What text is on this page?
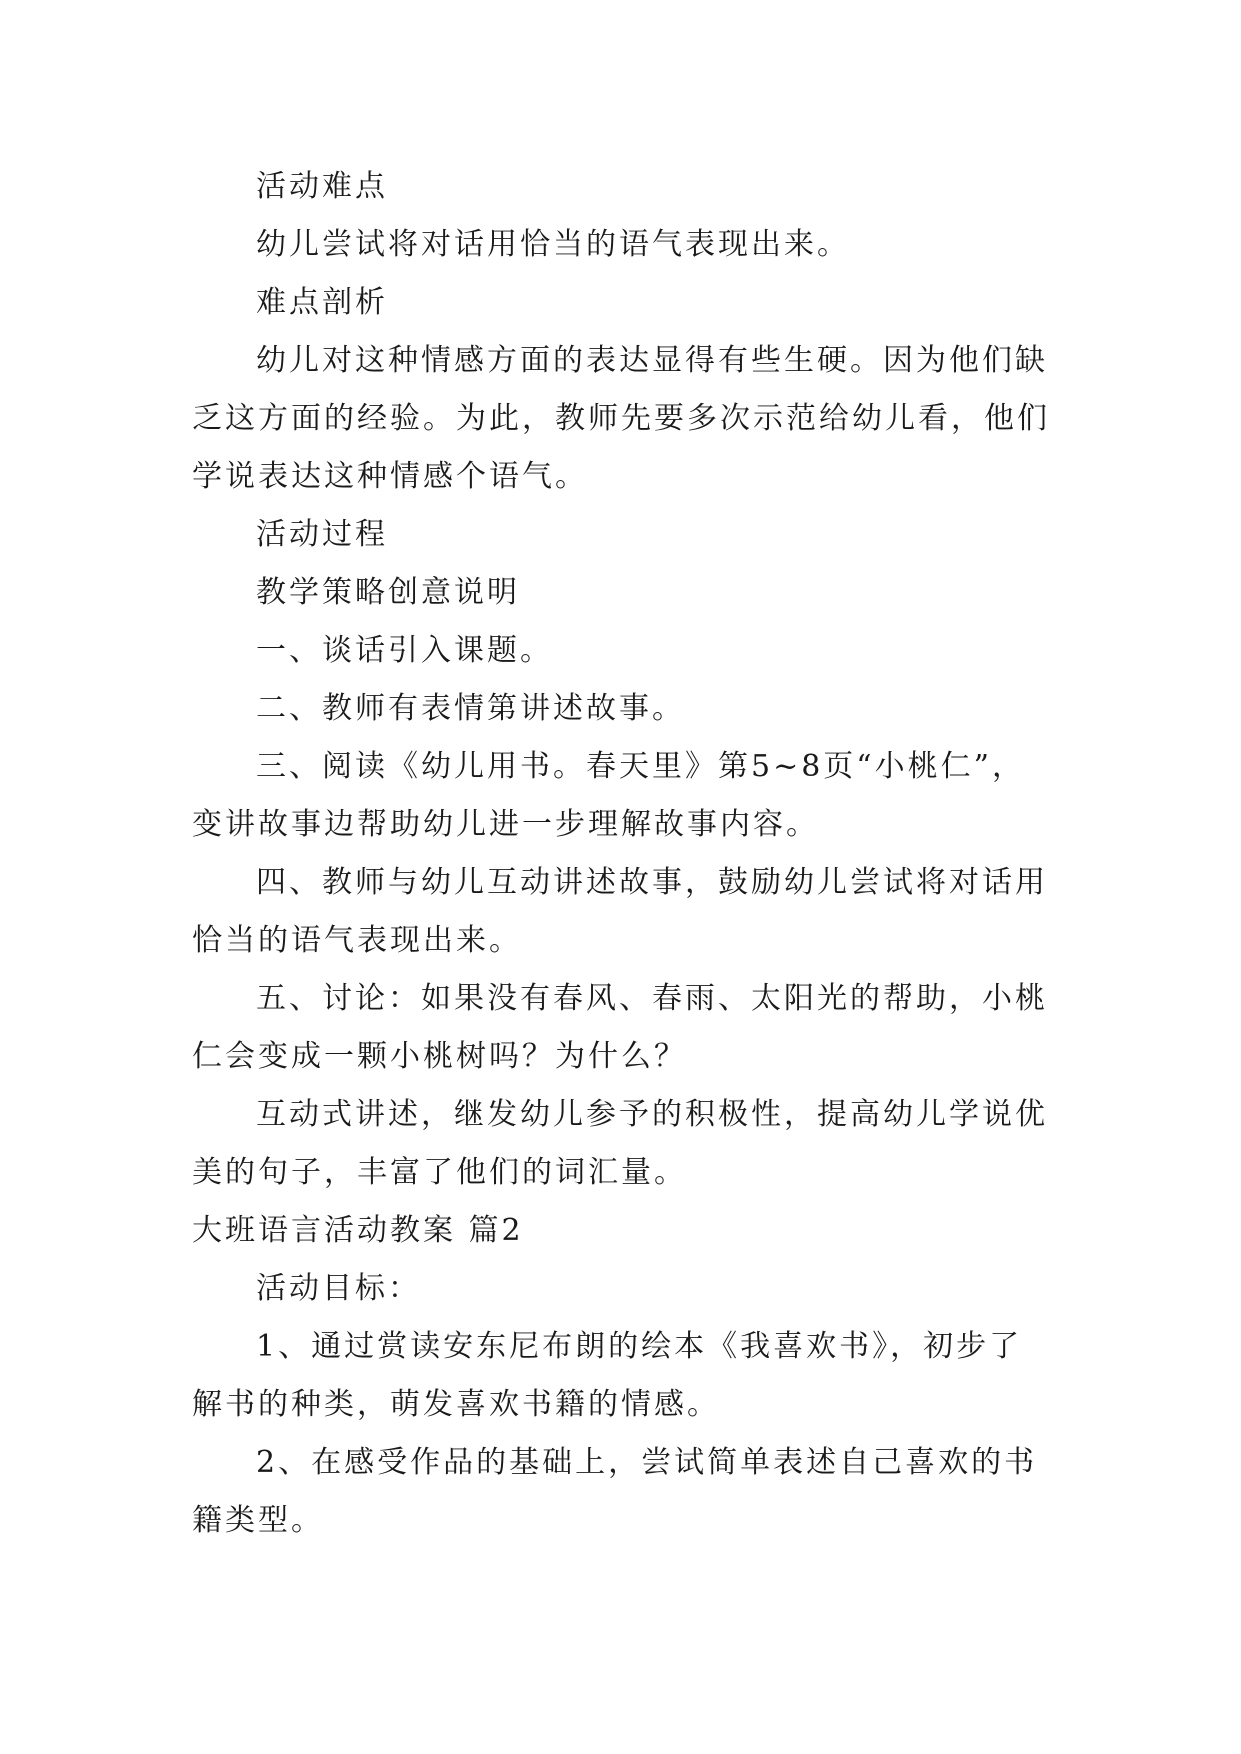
活动难点

幼儿尝试将对话用恰当的语气表现出来。

难点剖析

幼儿对这种情感方面的表达显得有些生硬。因为他们缺乏这方面的经验。为此，教师先要多次示范给幼儿看，他们学说表达这种情感个语气。

活动过程

教学策略创意说明

一、谈话引入课题。

二、教师有表情第讲述故事。

三、阅读《幼儿用书。春天里》第5~8页“小桃仁”，变讲故事边帮助幼儿进一步理解故事内容。

四、教师与幼儿互动讲述故事，鼓励幼儿尝试将对话用恰当的语气表现出来。

五、讨论：如果没有春风、春雨、太阳光的帮助，小桃仁会变成一颗小桃树吗？为什么？

互动式讲述，继发幼儿参予的积极性，提高幼儿学说优美的句子，丰富了他们的词汇量。

大班语言活动教案 篇2

活动目标：

1、通过赏读安东尼布朗的绘本《我喜欢书》，初步了解书的种类，萌发喜欢书籍的情感。

2、在感受作品的基础上，尝试简单表述自己喜欢的书籍类型。
